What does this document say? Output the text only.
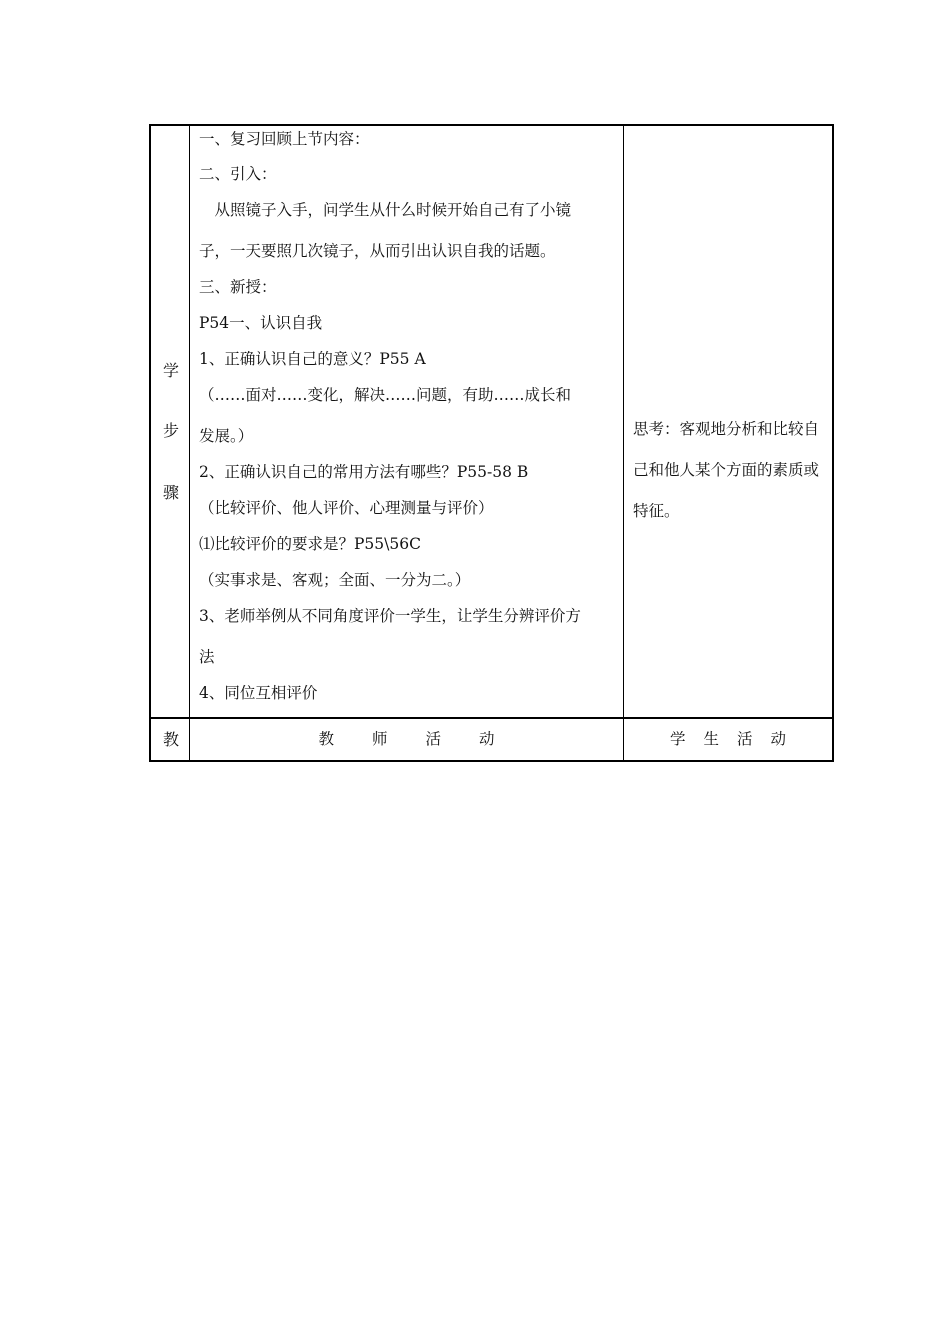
学
步
骤
一、复习回顾上节内容：
二、引入：
　从照镜子入手，问学生从什么时候开始自己有了小镜
子，一天要照几次镜子，从而引出认识自我的话题。
三、新授：
P54一、认识自我
1、正确认识自己的意义？P55 A
（……面对……变化，解决……问题，有助……成长和
发展。）
2、正确认识自己的常用方法有哪些？P55-58 B
（比较评价、他人评价、心理测量与评价）
⑴比较评价的要求是？P55\56C
（实事求是、客观；全面、一分为二。）
3、老师举例从不同角度评价一学生，让学生分辨评价方
法
4、同位互相评价
思考：客观地分析和比较自
己和他人某个方面的素质或
特征。
教	教 师 活 动	学 生 活 动
